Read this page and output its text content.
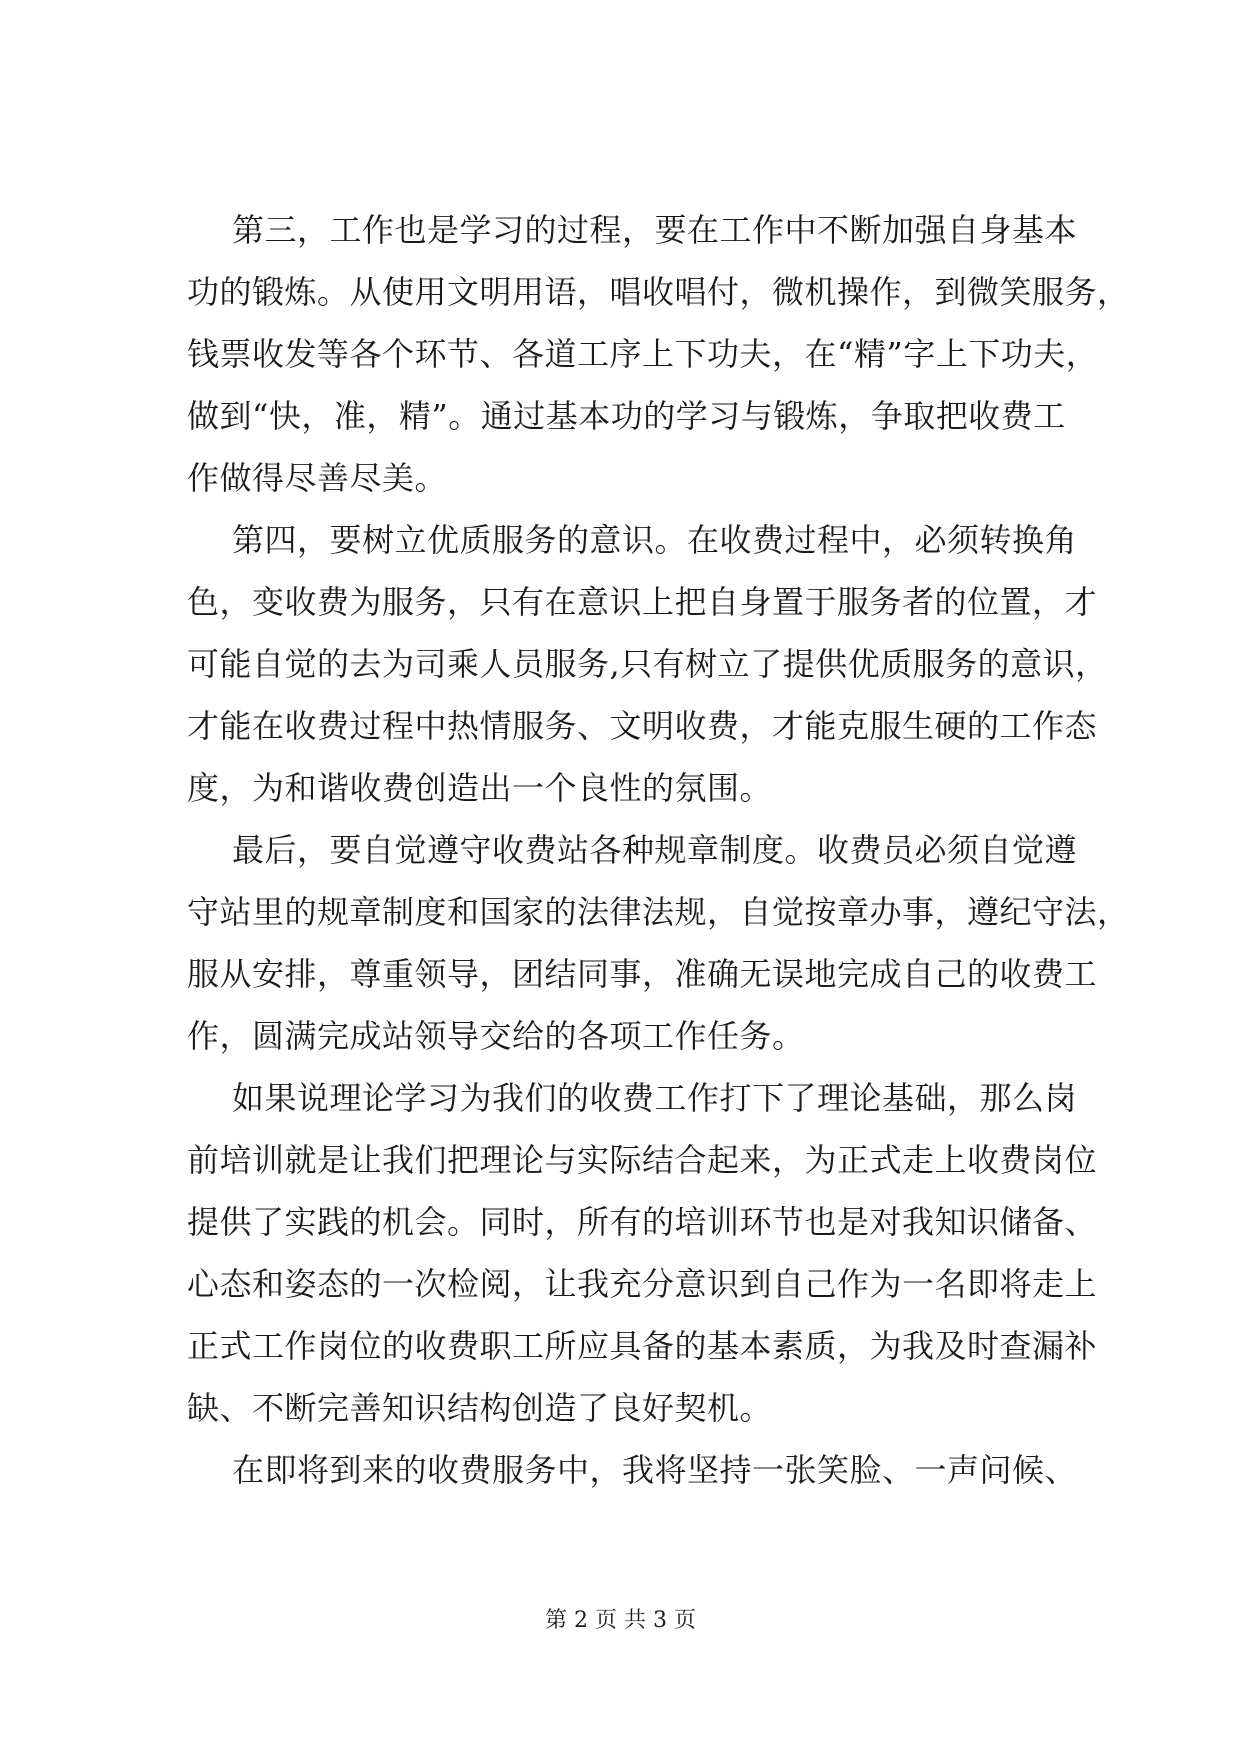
第三，工作也是学习的过程，要在工作中不断加强自身基本
功的锻炼。从使用文明用语，唱收唱付，微机操作，到微笑服务，
钱票收发等各个环节、各道工序上下功夫，在“精”字上下功夫，
做到“快，准，精”。通过基本功的学习与锻炼，争取把收费工
作做得尽善尽美。
第四，要树立优质服务的意识。在收费过程中，必须转换角
色，变收费为服务，只有在意识上把自身置于服务者的位置，才
可能自觉的去为司乘人员服务,只有树立了提供优质服务的意识，
才能在收费过程中热情服务、文明收费，才能克服生硬的工作态
度，为和谐收费创造出一个良性的氛围。
最后，要自觉遵守收费站各种规章制度。收费员必须自觉遵
守站里的规章制度和国家的法律法规，自觉按章办事，遵纪守法，
服从安排，尊重领导，团结同事，准确无误地完成自己的收费工
作，圆满完成站领导交给的各项工作任务。
如果说理论学习为我们的收费工作打下了理论基础，那么岗
前培训就是让我们把理论与实际结合起来，为正式走上收费岗位
提供了实践的机会。同时，所有的培训环节也是对我知识储备、
心态和姿态的一次检阅，让我充分意识到自己作为一名即将走上
正式工作岗位的收费职工所应具备的基本素质，为我及时查漏补
缺、不断完善知识结构创造了良好契机。
在即将到来的收费服务中，我将坚持一张笑脸、一声问候、
第 2 页 共 3 页
